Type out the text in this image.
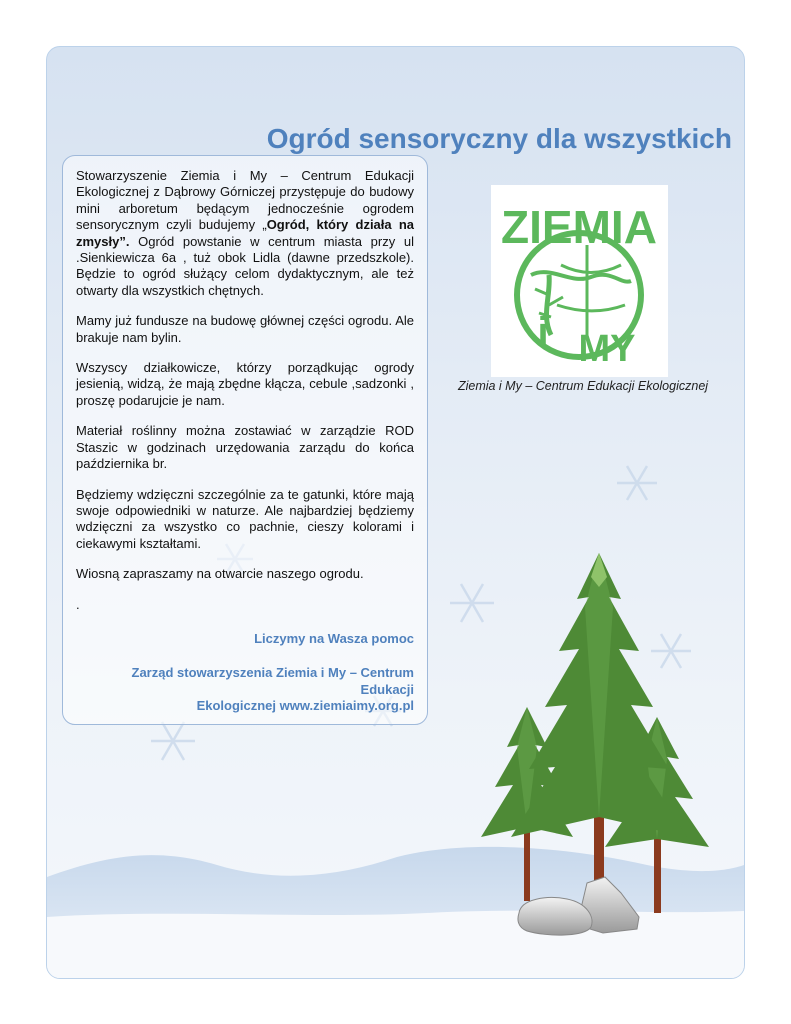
Ogród sensoryczny dla wszystkich

Stowarzyszenie Ziemia i My – Centrum Edukacji Ekologicznej z Dąbrowy Górniczej przystępuje do budowy mini arboretum będącym jednocześnie ogrodem sensorycznym czyli budujemy „Ogród, który działa na zmysły”. Ogród powstanie w centrum miasta przy ul .Sienkiewicza 6a , tuż obok Lidla (dawne przedszkole). Będzie to ogród służący celom dydaktycznym, ale też otwarty dla wszystkich chętnych.

Mamy już fundusze na budowę głównej części ogrodu. Ale brakuje nam bylin.

Wszyscy działkowicze, którzy porządkując ogrody jesienią, widzą, że mają zbędne kłącza, cebule ,sadzonki , proszę podarujcie je nam.

Materiał roślinny można zostawiać w zarządzie ROD Staszic w godzinach urzędowania zarządu do końca października br.

Będziemy wdzięczni szczególnie za te gatunki, które mają swoje odpowiedniki w naturze. Ale najbardziej będziemy wdzięczni za wszystko co pachnie, cieszy kolorami i ciekawymi kształtami.

Wiosną zapraszamy na otwarcie naszego ogrodu.

.

Liczymy na Wasza pomoc

Zarząd stowarzyszenia Ziemia i My – Centrum Edukacji
Ekologicznej www.ziemiaimy.org.pl

ZIEMIA
i MY

Ziemia i My – Centrum Edukacji Ekologicznej
